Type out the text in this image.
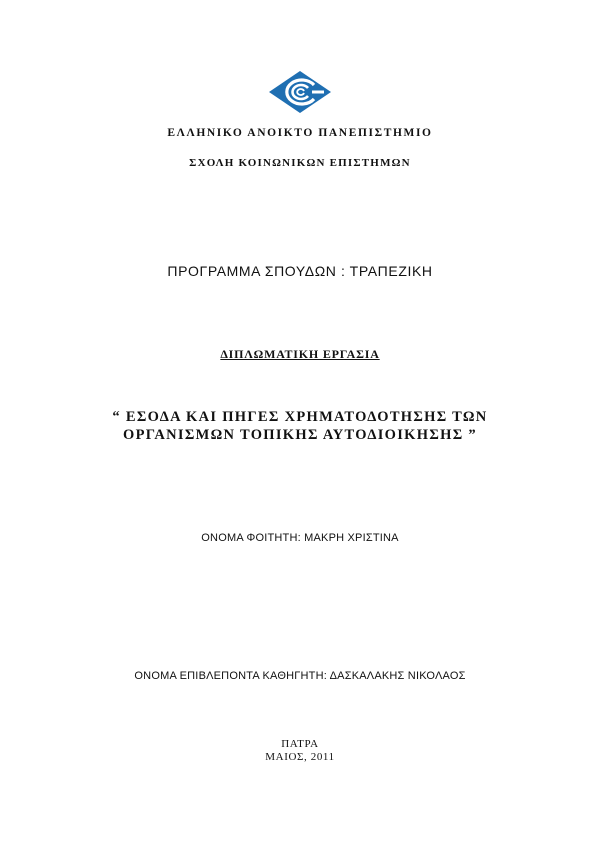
ΕΛΛΗΝΙΚΟ ΑΝΟΙΚΤΟ ΠΑΝΕΠΙΣΤΗΜΙΟ
ΣΧΟΛΗ ΚΟΙΝΩΝΙΚΩΝ ΕΠΙΣΤΗΜΩΝ
ΠΡΟΓΡΑΜΜΑ ΣΠΟΥΔΩΝ : ΤΡΑΠΕΖΙΚΗ
ΔΙΠΛΩΜΑΤΙΚΗ ΕΡΓΑΣΙΑ
“ ΕΣΟΔΑ ΚΑΙ ΠΗΓΕΣ ΧΡΗΜΑΤΟΔΟΤΗΣΗΣ ΤΩΝ
ΟΡΓΑΝΙΣΜΩΝ ΤΟΠΙΚΗΣ ΑΥΤΟΔΙΟΙΚΗΣΗΣ ”
ΟΝΟΜΑ ΦΟΙΤΗΤΗ: ΜΑΚΡΗ ΧΡΙΣΤΙΝΑ
ΟΝΟΜΑ ΕΠΙΒΛΕΠΟΝΤΑ ΚΑΘΗΓΗΤΗ: ΔΑΣΚΑΛΑΚΗΣ ΝΙΚΟΛΑΟΣ
ΠΑΤΡΑ
ΜΑΙΟΣ, 2011
